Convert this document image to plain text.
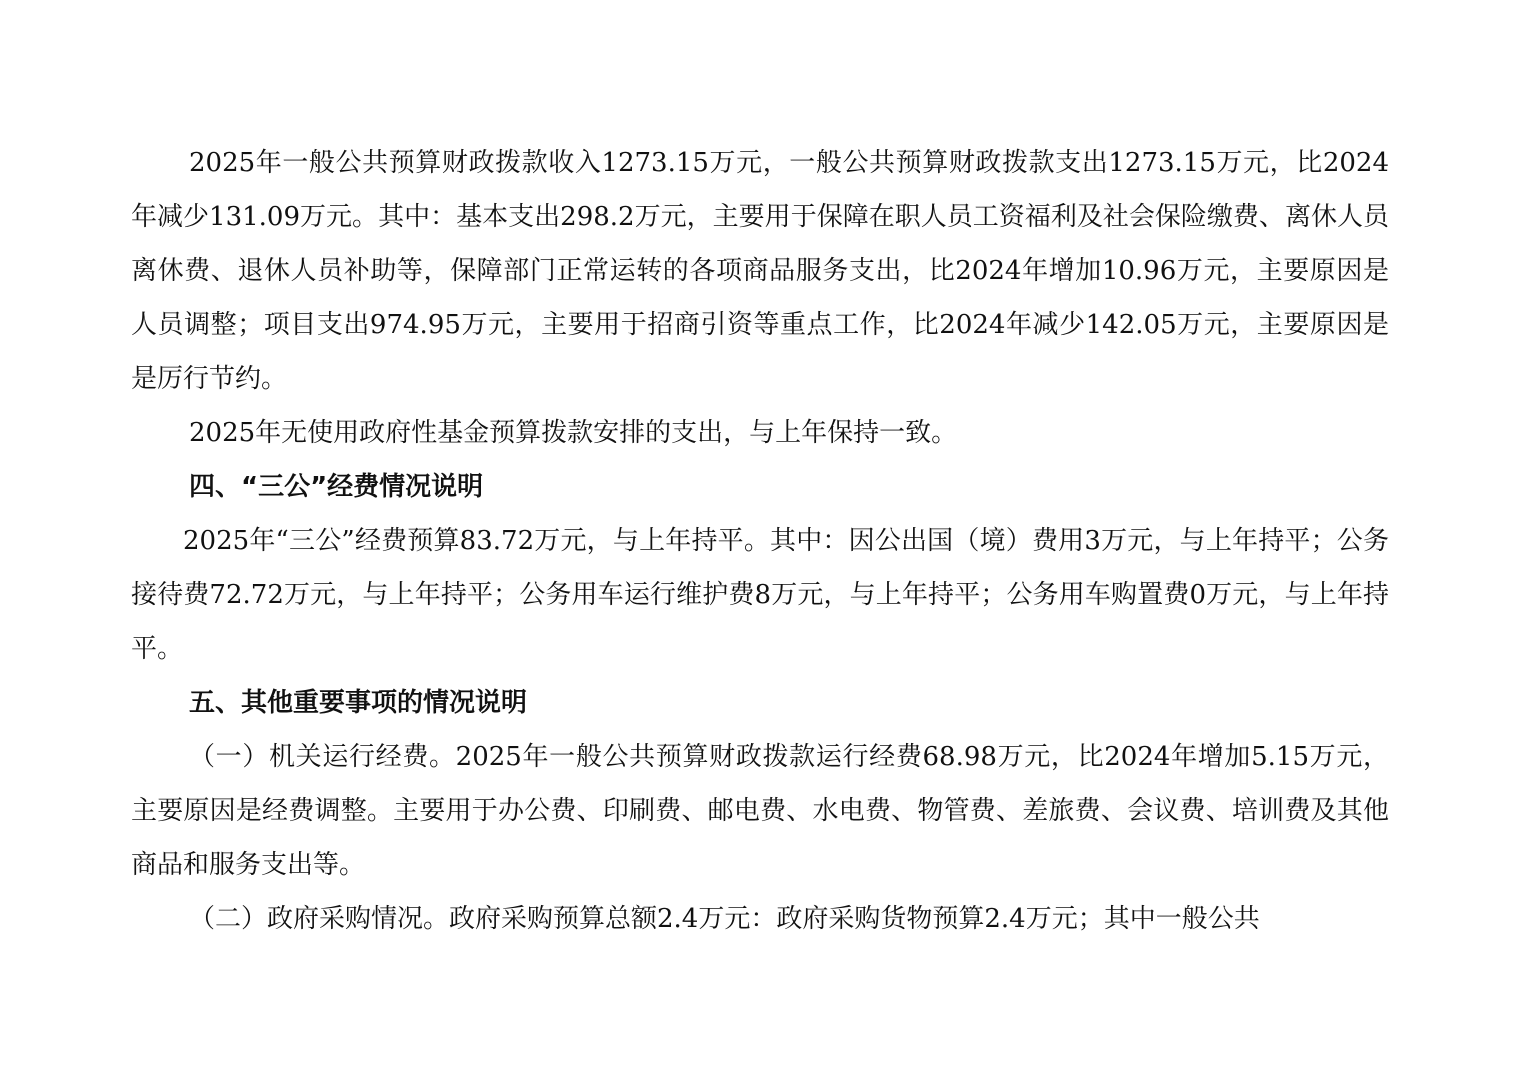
2025年一般公共预算财政拨款收入1273.15万元，一般公共预算财政拨款支出1273.15万元，比2024年减少131.09万元。其中：基本支出298.2万元，主要用于保障在职人员工资福利及社会保险缴费、离休人员离休费、退休人员补助等，保障部门正常运转的各项商品服务支出，比2024年增加10.96万元，主要原因是人员调整；项目支出974.95万元，主要用于招商引资等重点工作，比2024年减少142.05万元，主要原因是是厉行节约。

2025年无使用政府性基金预算拨款安排的支出，与上年保持一致。

四、“三公”经费情况说明

2025年“三公”经费预算83.72万元，与上年持平。其中：因公出国（境）费用3万元，与上年持平；公务接待费72.72万元，与上年持平；公务用车运行维护费8万元，与上年持平；公务用车购置费0万元，与上年持平。

五、其他重要事项的情况说明

（一）机关运行经费。2025年一般公共预算财政拨款运行经费68.98万元，比2024年增加5.15万元，主要原因是经费调整。主要用于办公费、印刷费、邮电费、水电费、物管费、差旅费、会议费、培训费及其他商品和服务支出等。

（二）政府采购情况。政府采购预算总额2.4万元：政府采购货物预算2.4万元；其中一般公共
